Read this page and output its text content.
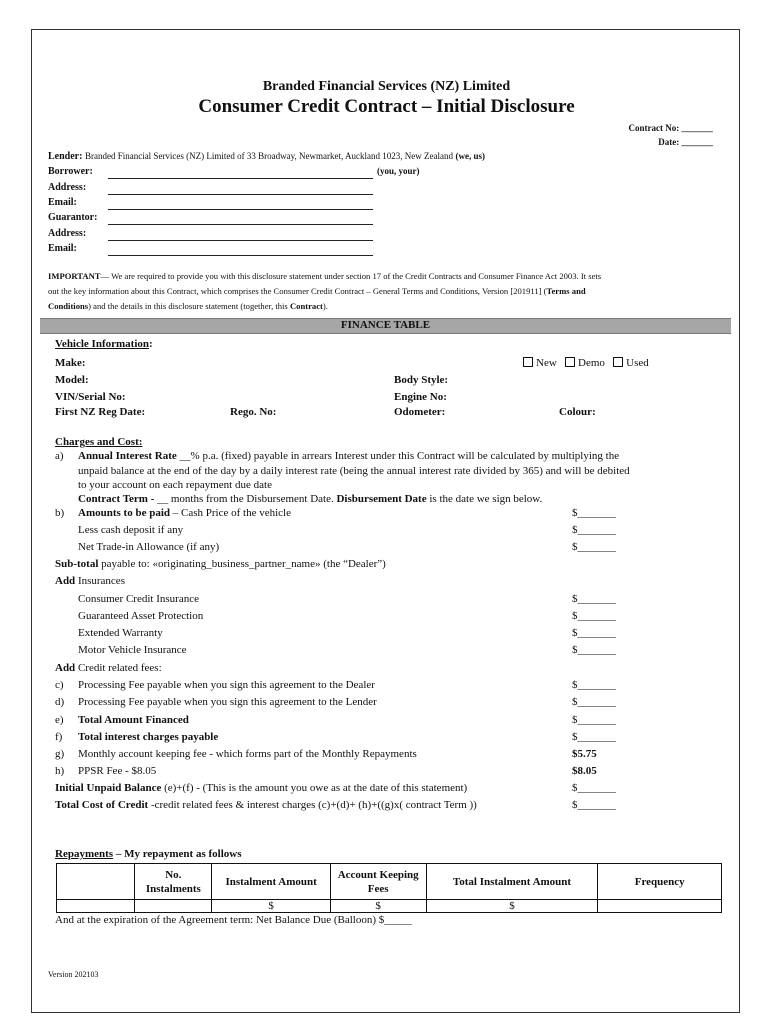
Branded Financial Services (NZ) Limited
Consumer Credit Contract – Initial Disclosure
Contract No: _______
Date: _______
Lender: Branded Financial Services (NZ) Limited of 33 Broadway, Newmarket, Auckland 1023, New Zealand (we, us)
Borrower:	(you, your)
Address:
Email:
Guarantor:
Address:
Email:
IMPORTANT— We are required to provide you with this disclosure statement under section 17 of the Credit Contracts and Consumer Finance Act 2003. It sets
out the key information about this Contract, which comprises the Consumer Credit Contract – General Terms and Conditions, Version [201911] (Terms and
Conditions) and the details in this disclosure statement (together, this Contract).
FINANCE TABLE
Vehicle Information:
Make:	New Demo Used
Model:	Body Style:
VIN/Serial No:	Engine No:
First NZ Reg Date:	Rego. No:	Odometer:	Colour:
Charges and Cost:
a) Annual Interest Rate __% p.a. (fixed) payable in arrears Interest under this Contract will be calculated by multiplying the
unpaid balance at the end of the day by a daily interest rate (being the annual interest rate divided by 365) and will be debited
to your account on each repayment due date
Contract Term - __ months from the Disbursement Date. Disbursement Date is the date we sign below.
b) Amounts to be paid – Cash Price of the vehicle	$_______
Less cash deposit if any	$_______
Net Trade-in Allowance (if any)	$_______
Sub-total payable to: «originating_business_partner_name» (the “Dealer”)
Add Insurances
Consumer Credit Insurance	$_______
Guaranteed Asset Protection	$_______
Extended Warranty	$_______
Motor Vehicle Insurance	$_______
Add Credit related fees:
c) Processing Fee payable when you sign this agreement to the Dealer	$_______
d) Processing Fee payable when you sign this agreement to the Lender	$_______
e) Total Amount Financed	$_______
f) Total interest charges payable	$_______
g) Monthly account keeping fee - which forms part of the Monthly Repayments	$5.75
h) PPSR Fee - $8.05	$8.05
Initial Unpaid Balance (e)+(f) - (This is the amount you owe as at the date of this statement)	$_______
Total Cost of Credit -credit related fees & interest charges (c)+(d)+ (h)+((g)x( contract Term ))	$_______
Repayments – My repayment as follows
	No. Instalments	Instalment Amount	Account Keeping Fees	Total Instalment Amount	Frequency
		$	$	$	
And at the expiration of the Agreement term: Net Balance Due (Balloon) $_____
Version 202103
